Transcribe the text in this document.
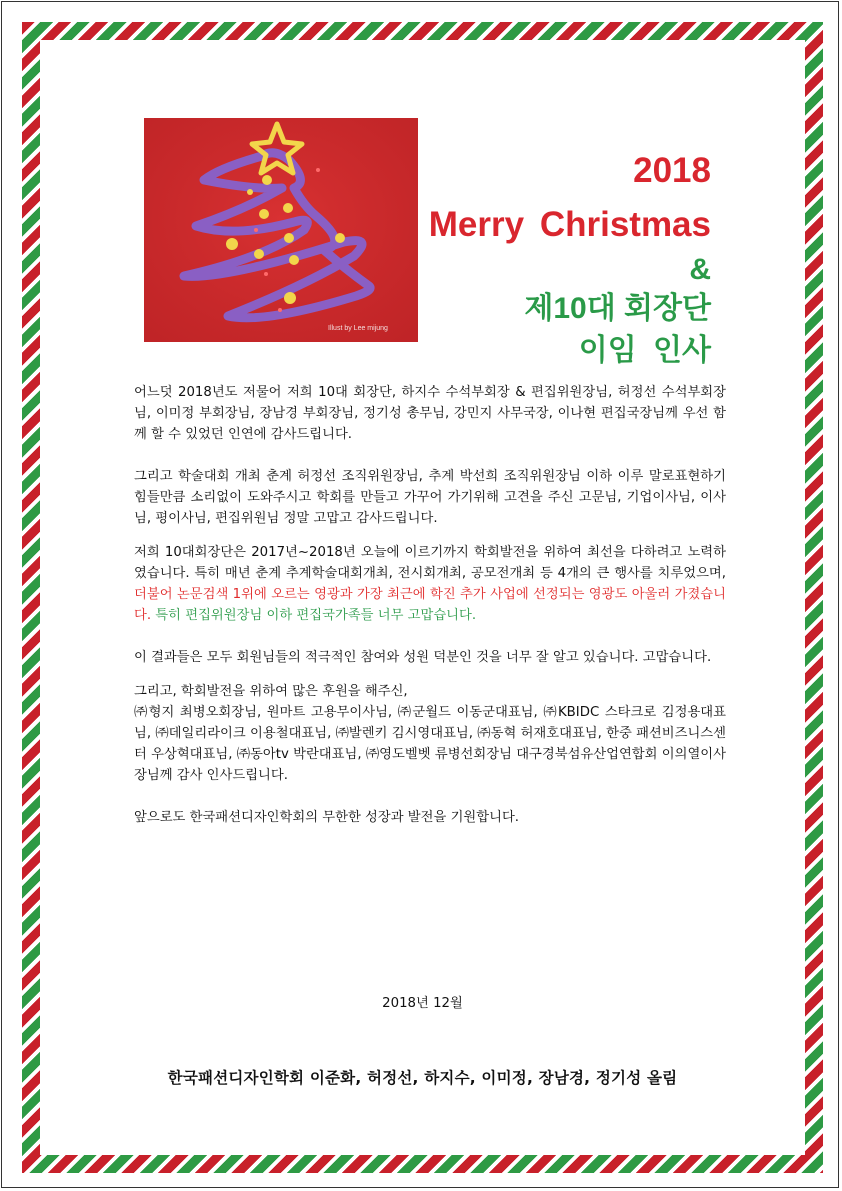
Illust by Lee mijung
2018
Merry Christmas
&
제10대 회장단
이임 인사

어느덧 2018년도 저물어 저희 10대 회장단, 하지수 수석부회장 & 편집위원장님, 허정선 수석부회장님, 이미정 부회장님, 장남경 부회장님, 정기성 총무님, 강민지 사무국장, 이나현 편집국장님께 우선 함께 할 수 있었던 인연에 감사드립니다.

그리고 학술대회 개최 춘계 허정선 조직위원장님, 추계 박선희 조직위원장님 이하 이루 말로표현하기 힘들만큼 소리없이 도와주시고 학회를 만들고 가꾸어 가기위해 고견을 주신 고문님, 기업이사님, 이사님, 평이사님, 편집위원님 정말 고맙고 감사드립니다.

저희 10대회장단은 2017년~2018년 오늘에 이르기까지 학회발전을 위하여 최선을 다하려고 노력하였습니다. 특히 매년 춘계 추계학술대회개최, 전시회개최, 공모전개최 등 4개의 큰 행사를 치루었으며, 더불어 논문검색 1위에 오르는 영광과 가장 최근에 학진 추가 사업에 선정되는 영광도 아울러 가졌습니다. 특히 편집위원장님 이하 편집국가족들 너무 고맙습니다.

이 결과들은 모두 회원님들의 적극적인 참여와 성원 덕분인 것을 너무 잘 알고 있습니다. 고맙습니다.

그리고, 학회발전을 위하여 많은 후원을 해주신,

㈜형지 최병오회장님, 원마트 고용무이사님, ㈜군월드 이동군대표님, ㈜KBIDC 스타크로 김정용대표님, ㈜데일리라이크 이용철대표님, ㈜발렌키 김시영대표님, ㈜동혁 허재호대표님, 한중 패션비즈니스센터 우상혁대표님, ㈜동아tv 박란대표님, ㈜영도벨벳 류병선회장님 대구경북섬유산업연합회 이의열이사장님께 감사 인사드립니다.

앞으로도 한국패션디자인학회의 무한한 성장과 발전을 기원합니다.

2018년 12월
한국패션디자인학회 이준화, 허정선, 하지수, 이미정, 장남경, 정기성 올림
